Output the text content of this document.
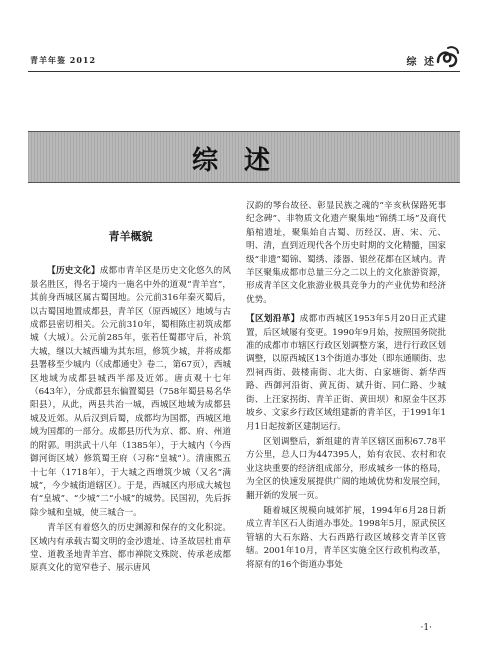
青羊年鉴 2012	综 述
综述
青羊概貌

【历史文化】成都市青羊区是历史文化悠久的风景名胜区，得名于境内一施名中外的道观“青羊宫”，其前身西城区属古蜀国地。公元前316年秦灭蜀后，以古蜀国地置成都县，青羊区（原西城区）地域与古成都县密切相关。公元前310年，蜀相陈庄初筑成都城（大城）。公元前285年，张若任蜀郡守后，补筑大城，继以大城西墉为其东垣，修筑少城，并将成都县署移至少城内（《成都通史》卷二，第67页），西城区地域为成都县城西半部及近郊。唐贞观十七年（643年），分成都县东偏置蜀县（758年蜀县易名华阳县），从此，两县共治一城，西城区地域为成都县城及近郊。从后汉到后蜀，成都均为国都，西城区地域为国都的一部分。成都县历代为京、都、府、州道的附郭。明洪武十八年（1385年），于大城内（今西御河街区域）修筑蜀王府（习称“皇城”）。清康熙五十七年（1718年），于大城之西增筑少城（又名“满城”，今少城街道辖区）。于是，西城区内形成大城包有“皇城”、“少城”二“小城”的城势。民国初，先后拆除少城和皇城，使三城合一。

青羊区有着悠久的历史渊源和保存的文化积淀。区域内有承载古蜀文明的金沙遗址、诗圣故居杜甫草堂、道教圣地青羊宫、都市禅院文殊院、传承老成都原真文化的宽窄巷子、展示唐风

汉韵的琴台故径、彰显民族之魂的“辛亥秋保路死事纪念碑”、非物质文化遗产聚集地“锦绣工场”及商代船棺遗址，聚集始自古蜀、历经汉、唐、宋、元、明、清，直到近现代各个历史时期的文化精髓，国家级“非遗”蜀锦、蜀绣、漆器、银丝花都在区域内。青羊区聚集成都市总量三分之二以上的文化旅游资源，形成青羊区文化旅游业极具竞争力的产业优势和经济优势。

【区划沿革】成都市西城区1953年5月20日正式建置，后区域屡有变更。1990年9月始，按照国务院批准的成都市市辖区行政区划调整方案，进行行政区划调整，以原西城区13个街道办事处（即东通顺街、忠烈祠西街、鼓楼南街、北大街、白家塘街、新华西路、西御河沿街、黄瓦街、斌升街、同仁路、少城街、上汪家拐街、青羊正街、黄田坝）和原金牛区苏坡乡、文家乡行政区域组建新的青羊区，于1991年1月1日起按新区建制运行。

区划调整后，新组建的青羊区辖区面积67.78平方公里，总人口为447395人，始有农民、农村和农业这块重要的经济组成部分，形成城乡一体的格局，为全区的快速发展提供广阔的地域优势和发展空间，翻开新的发展一页。

随着城区规模向城郊扩展，1994年6月28日新成立青羊区石人街道办事处。1998年5月，原武侯区管辖的大石东路、大石西路行政区域移交青羊区管辖。2001年10月，青羊区实施全区行政机构改革，将原有的16个街道办事处

·1·
